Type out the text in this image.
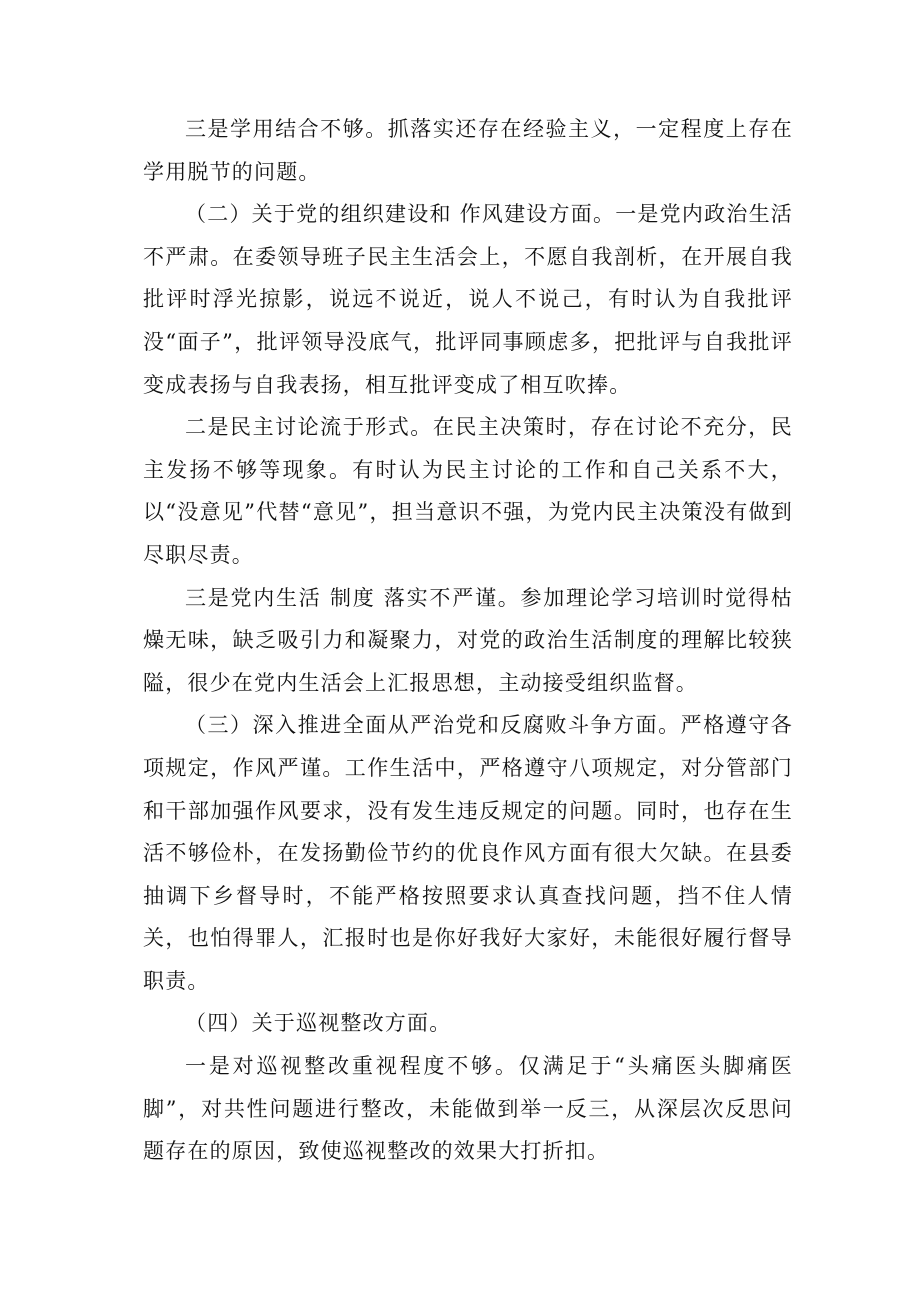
三是学用结合不够。抓落实还存在经验主义，一定程度上存在学用脱节的问题。

（二）关于党的组织建设和 作风建设方面。一是党内政治生活不严肃。在委领导班子民主生活会上，不愿自我剖析，在开展自我批评时浮光掠影，说远不说近，说人不说己，有时认为自我批评没“面子”，批评领导没底气，批评同事顾虑多，把批评与自我批评变成表扬与自我表扬，相互批评变成了相互吹捧。

二是民主讨论流于形式。在民主决策时，存在讨论不充分，民主发扬不够等现象。有时认为民主讨论的工作和自己关系不大，以“没意见”代替“意见”，担当意识不强，为党内民主决策没有做到尽职尽责。

三是党内生活 制度 落实不严谨。参加理论学习培训时觉得枯燥无味，缺乏吸引力和凝聚力，对党的政治生活制度的理解比较狭隘，很少在党内生活会上汇报思想，主动接受组织监督。

（三）深入推进全面从严治党和反腐败斗争方面。严格遵守各项规定，作风严谨。工作生活中，严格遵守八项规定，对分管部门和干部加强作风要求，没有发生违反规定的问题。同时，也存在生活不够俭朴，在发扬勤俭节约的优良作风方面有很大欠缺。在县委抽调下乡督导时，不能严格按照要求认真查找问题，挡不住人情关，也怕得罪人，汇报时也是你好我好大家好，未能很好履行督导职责。

（四）关于巡视整改方面。

一是对巡视整改重视程度不够。仅满足于“头痛医头脚痛医脚”，对共性问题进行整改，未能做到举一反三，从深层次反思问题存在的原因，致使巡视整改的效果大打折扣。
